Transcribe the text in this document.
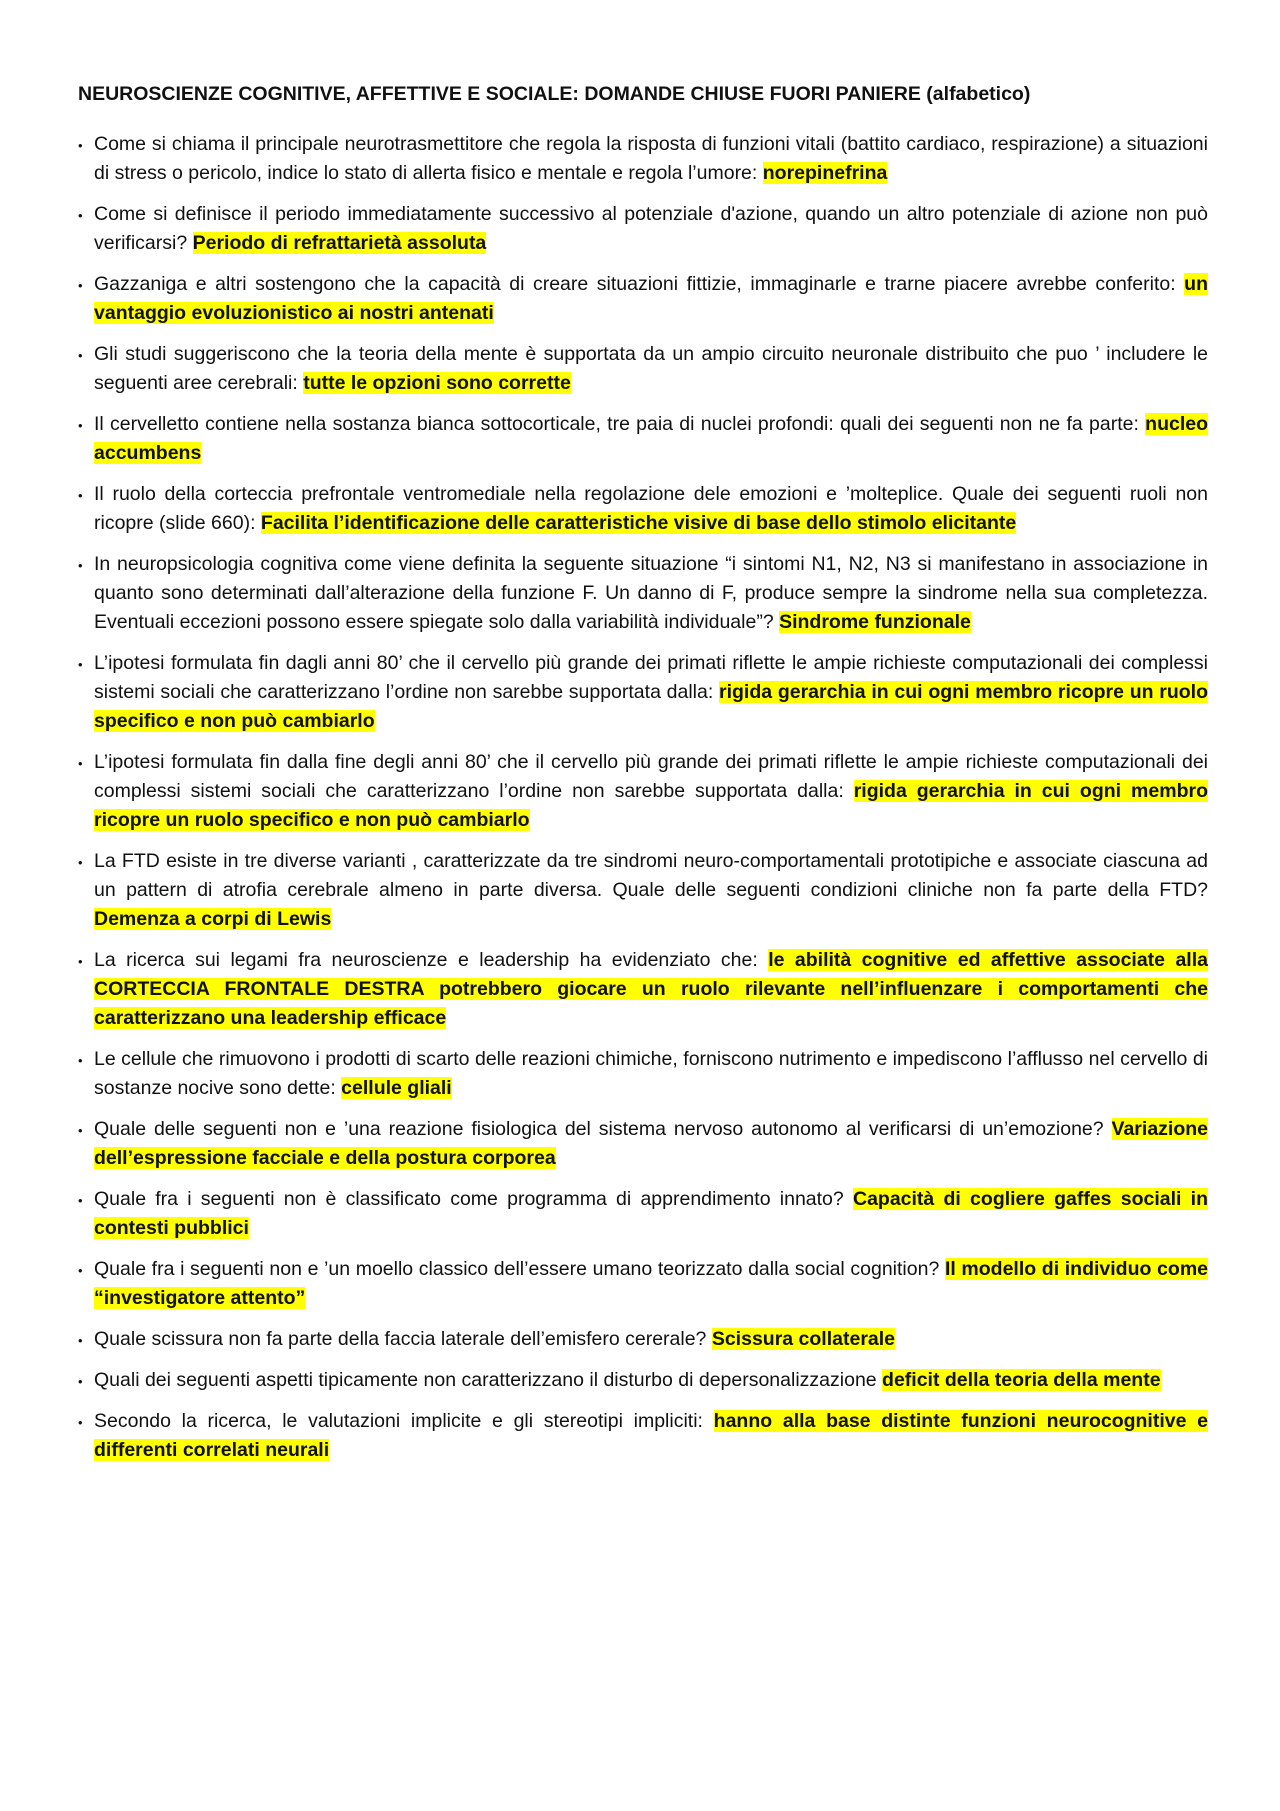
NEUROSCIENZE COGNITIVE, AFFETTIVE E SOCIALE: DOMANDE CHIUSE FUORI PANIERE (alfabetico)
• Come si chiama il principale neurotrasmettitore che regola la risposta di funzioni vitali (battito cardiaco, respirazione) a situazioni di stress o pericolo, indice lo stato di allerta fisico e mentale e regola l’umore: norepinefrina
• Come si definisce il periodo immediatamente successivo al potenziale d'azione, quando un altro potenziale di azione non può verificarsi? Periodo di refrattarietà assoluta
• Gazzaniga e altri sostengono che la capacità di creare situazioni fittizie, immaginarle e trarne piacere avrebbe conferito: un vantaggio evoluzionistico ai nostri antenati
• Gli studi suggeriscono che la teoria della mente è supportata da un ampio circuito neuronale distribuito che puo ’ includere le seguenti aree cerebrali: tutte le opzioni sono corrette
• Il cervelletto contiene nella sostanza bianca sottocorticale, tre paia di nuclei profondi: quali dei seguenti non ne fa parte: nucleo accumbens
• Il ruolo della corteccia prefrontale ventromediale nella regolazione dele emozioni e ’molteplice. Quale dei seguenti ruoli non ricopre (slide 660): Facilita l’identificazione delle caratteristiche visive di base dello stimolo elicitante
• In neuropsicologia cognitiva come viene definita la seguente situazione “i sintomi N1, N2, N3 si manifestano in associazione in quanto sono determinati dall’alterazione della funzione F. Un danno di F, produce sempre la sindrome nella sua completezza. Eventuali eccezioni possono essere spiegate solo dalla variabilità individuale”? Sindrome funzionale
• L’ipotesi formulata fin dagli anni 80’ che il cervello più grande dei primati riflette le ampie richieste computazionali dei complessi sistemi sociali che caratterizzano l’ordine non sarebbe supportata dalla: rigida gerarchia in cui ogni membro ricopre un ruolo specifico e non può cambiarlo
• L’ipotesi formulata fin dalla fine degli anni 80’ che il cervello più grande dei primati riflette le ampie richieste computazionali dei complessi sistemi sociali che caratterizzano l’ordine non sarebbe supportata dalla: rigida gerarchia in cui ogni membro ricopre un ruolo specifico e non può cambiarlo
• La FTD esiste in tre diverse varianti , caratterizzate da tre sindromi neuro-comportamentali prototipiche e associate ciascuna ad un pattern di atrofia cerebrale almeno in parte diversa. Quale delle seguenti condizioni cliniche non fa parte della FTD? Demenza a corpi di Lewis
• La ricerca sui legami fra neuroscienze e leadership ha evidenziato che: le abilità cognitive ed affettive associate alla CORTECCIA FRONTALE DESTRA potrebbero giocare un ruolo rilevante nell’influenzare i comportamenti che caratterizzano una leadership efficace
• Le cellule che rimuovono i prodotti di scarto delle reazioni chimiche, forniscono nutrimento e impediscono l’afflusso nel cervello di sostanze nocive sono dette: cellule gliali
• Quale delle seguenti non e ’una reazione fisiologica del sistema nervoso autonomo al verificarsi di un’emozione? Variazione dell’espressione facciale e della postura corporea
• Quale fra i seguenti non è classificato come programma di apprendimento innato? Capacità di cogliere gaffes sociali in contesti pubblici
• Quale fra i seguenti non e ’un moello classico dell’essere umano teorizzato dalla social cognition? Il modello di individuo come “investigatore attento”
• Quale scissura non fa parte della faccia laterale dell’emisfero cererale? Scissura collaterale
• Quali dei seguenti aspetti tipicamente non caratterizzano il disturbo di depersonalizzazione deficit della teoria della mente
• Secondo la ricerca, le valutazioni implicite e gli stereotipi impliciti: hanno alla base distinte funzioni neurocognitive e differenti correlati neurali
